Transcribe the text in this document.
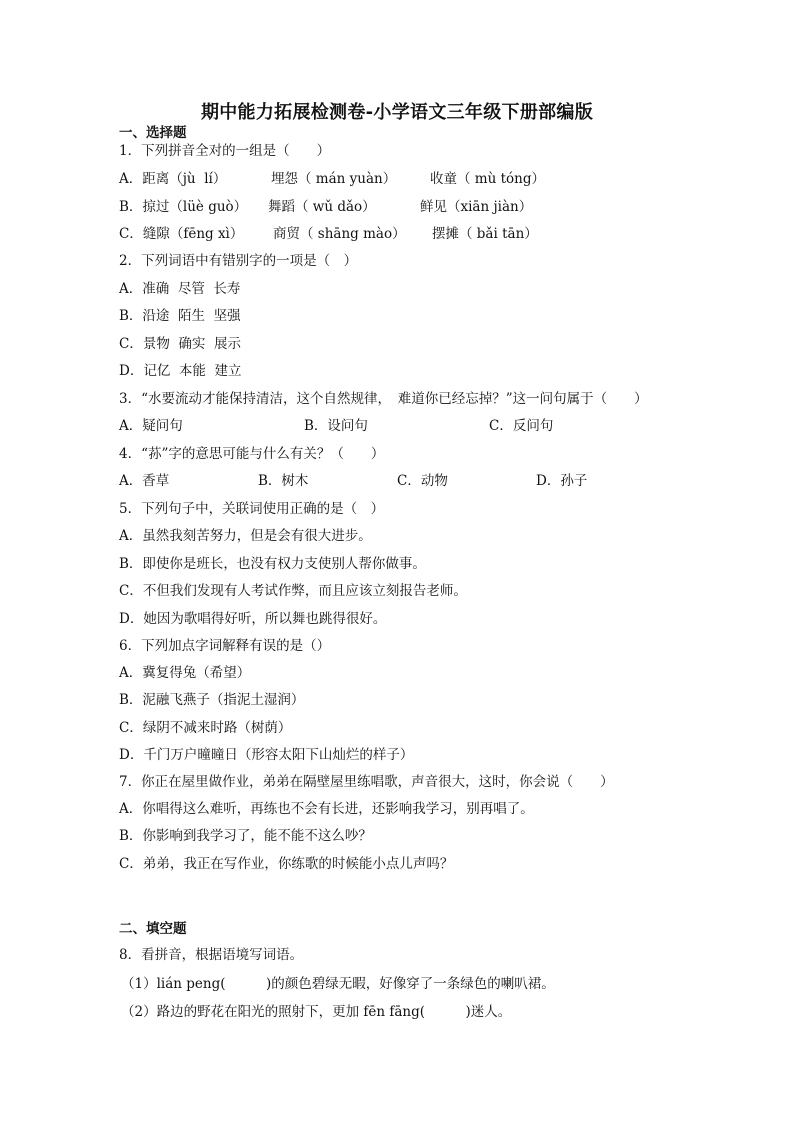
期中能力拓展检测卷-小学语文三年级下册部编版
一、选择题
1．下列拼音全对的一组是（　　）
A．距离（jù  lí）	埋怨（ mán yuàn）	收童（ mù tóng）
B．掠过（lüè guò） 舞蹈（ wǔ dǎo）	鲜见（xiān jiàn）
C．缝隙（fēng xì） 商贸（ shāng mào） 摆摊（ bǎi tān）
2．下列词语中有错别字的一项是（　）
A．准确  尽管  长寿
B．沿途  陌生  坚强
C．景物  确实  展示
D．记亿  本能  建立
3．“水要流动才能保持清洁，这个自然规律，　难道你已经忘掉？”这一问句属于（　　）
A．疑问句	B．设问句	C．反问句
4．“荪”字的意思可能与什么有关？（　　）
A．香草	B．树木	C．动物	D．孙子
5．下列句子中，关联词使用正确的是（　）
A．虽然我刻苦努力，但是会有很大进步。
B．即使你是班长，也没有权力支使别人帮你做事。
C．不但我们发现有人考试作弊，而且应该立刻报告老师。
D．她因为歌唱得好听，所以舞也跳得很好。
6．下列加点字词解释有误的是（）
A．冀复得兔（希望）
B．泥融飞燕子（指泥土湿润）
C．绿阴不减来时路（树荫）
D．千门万户曈曈日（形容太阳下山灿烂的样子）
7．你正在屋里做作业，弟弟在隔壁屋里练唱歌，声音很大，这时，你会说（　　）
A．你唱得这么难听，再练也不会有长进，还影响我学习，别再唱了。
B．你影响到我学习了，能不能不这么吵？
C．弟弟，我正在写作业，你练歌的时候能小点儿声吗？
二、填空题
8．看拼音，根据语境写词语。
（1）lián peng(　　　)的颜色碧绿无暇，好像穿了一条绿色的喇叭裙。
（2）路边的野花在阳光的照射下，更加 fēn fāng(　　　)迷人。
